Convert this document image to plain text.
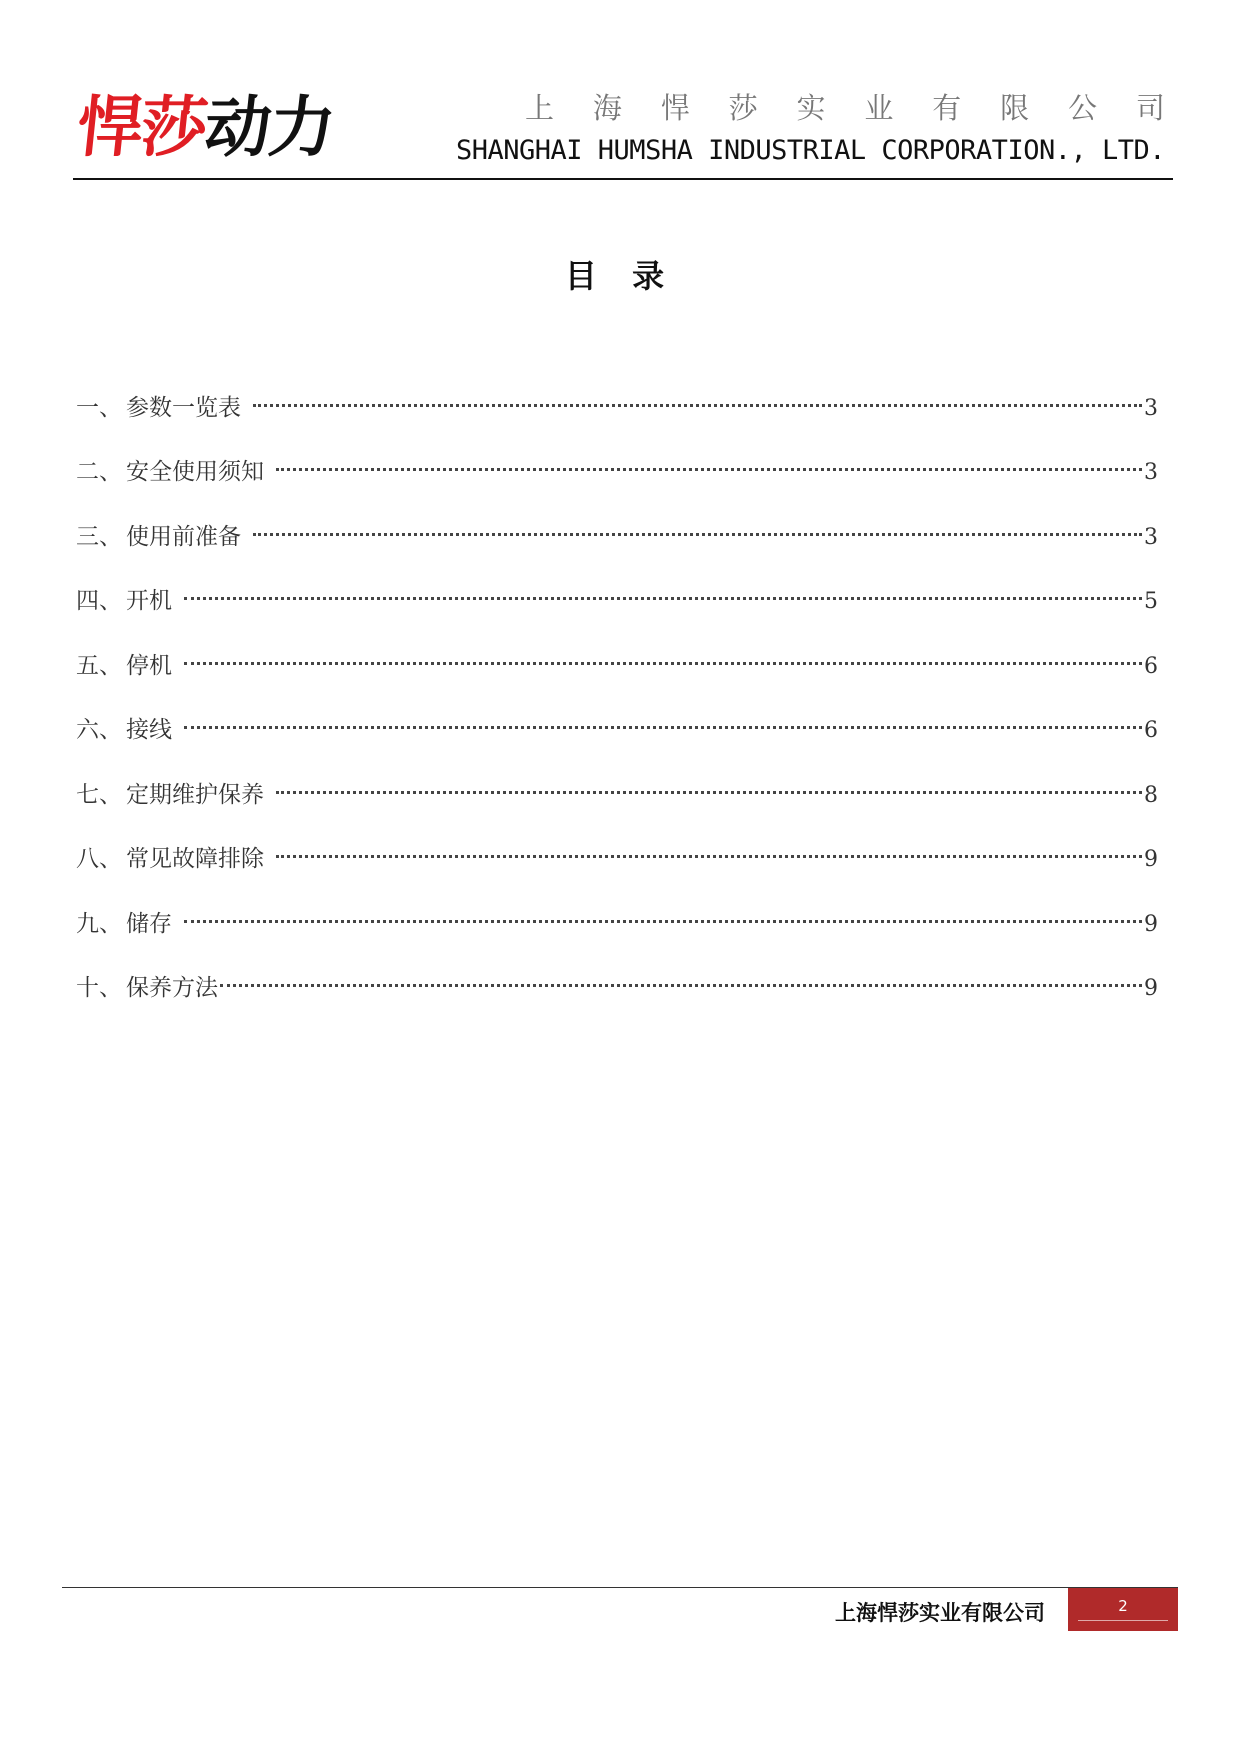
悍莎动力	上 海 悍 莎 实 业 有 限 公 司
SHANGHAI HUMSHA INDUSTRIAL CORPORATION., LTD.
目 录
一、 参数一览表	3
二、 安全使用须知	3
三、 使用前准备	3
四、 开机	5
五、 停机	6
六、 接线	6
七、 定期维护保养	8
八、 常见故障排除	9
九、 储存	9
十、 保养方法	9
上海悍莎实业有限公司	2
